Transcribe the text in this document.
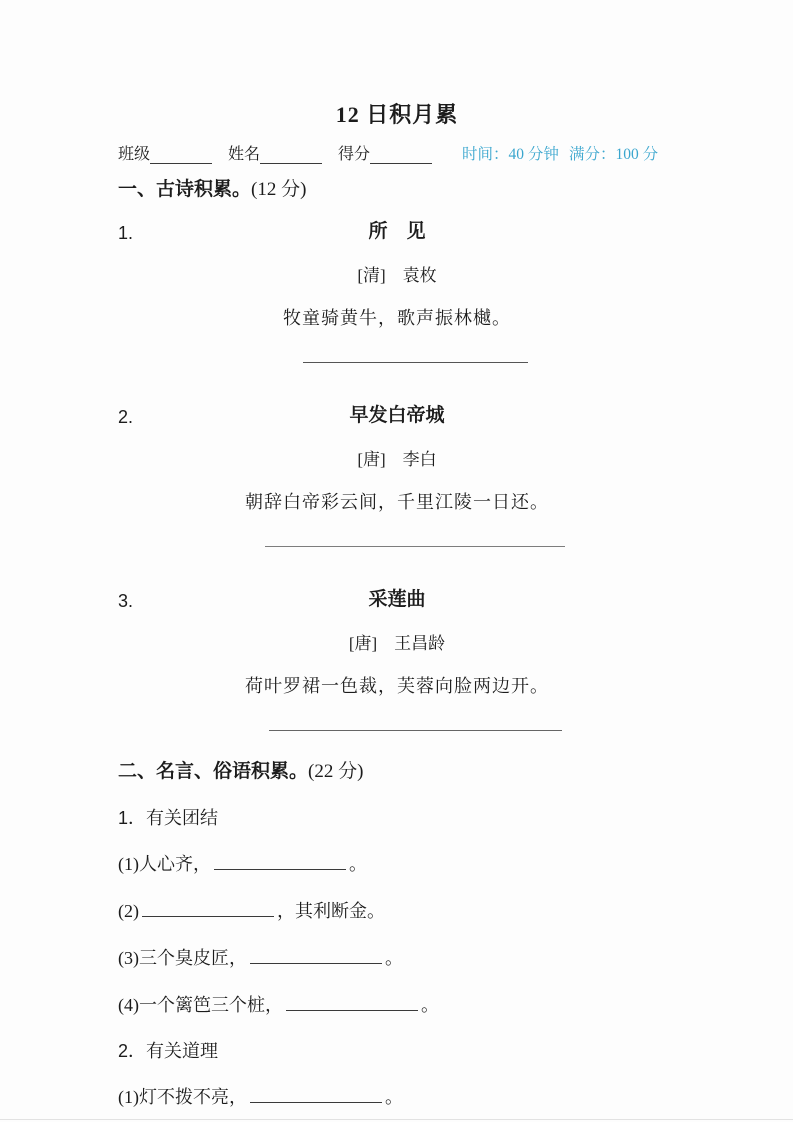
12 日积月累
班级	姓名	得分	时间：40 分钟 满分：100 分
一、古诗积累。(12 分)
1.	所　见
[清]　袁枚
牧童骑黄牛，歌声振林樾。
2.	早发白帝城
[唐]　李白
朝辞白帝彩云间，千里江陵一日还。
3.	采莲曲
[唐]　王昌龄
荷叶罗裙一色裁，芙蓉向脸两边开。
二、名言、俗语积累。(22 分)
1．有关团结
(1)人心齐，	。
(2)	，其利断金。
(3)三个臭皮匠，	。
(4)一个篱笆三个桩，	。
2．有关道理
(1)灯不拨不亮，	。
